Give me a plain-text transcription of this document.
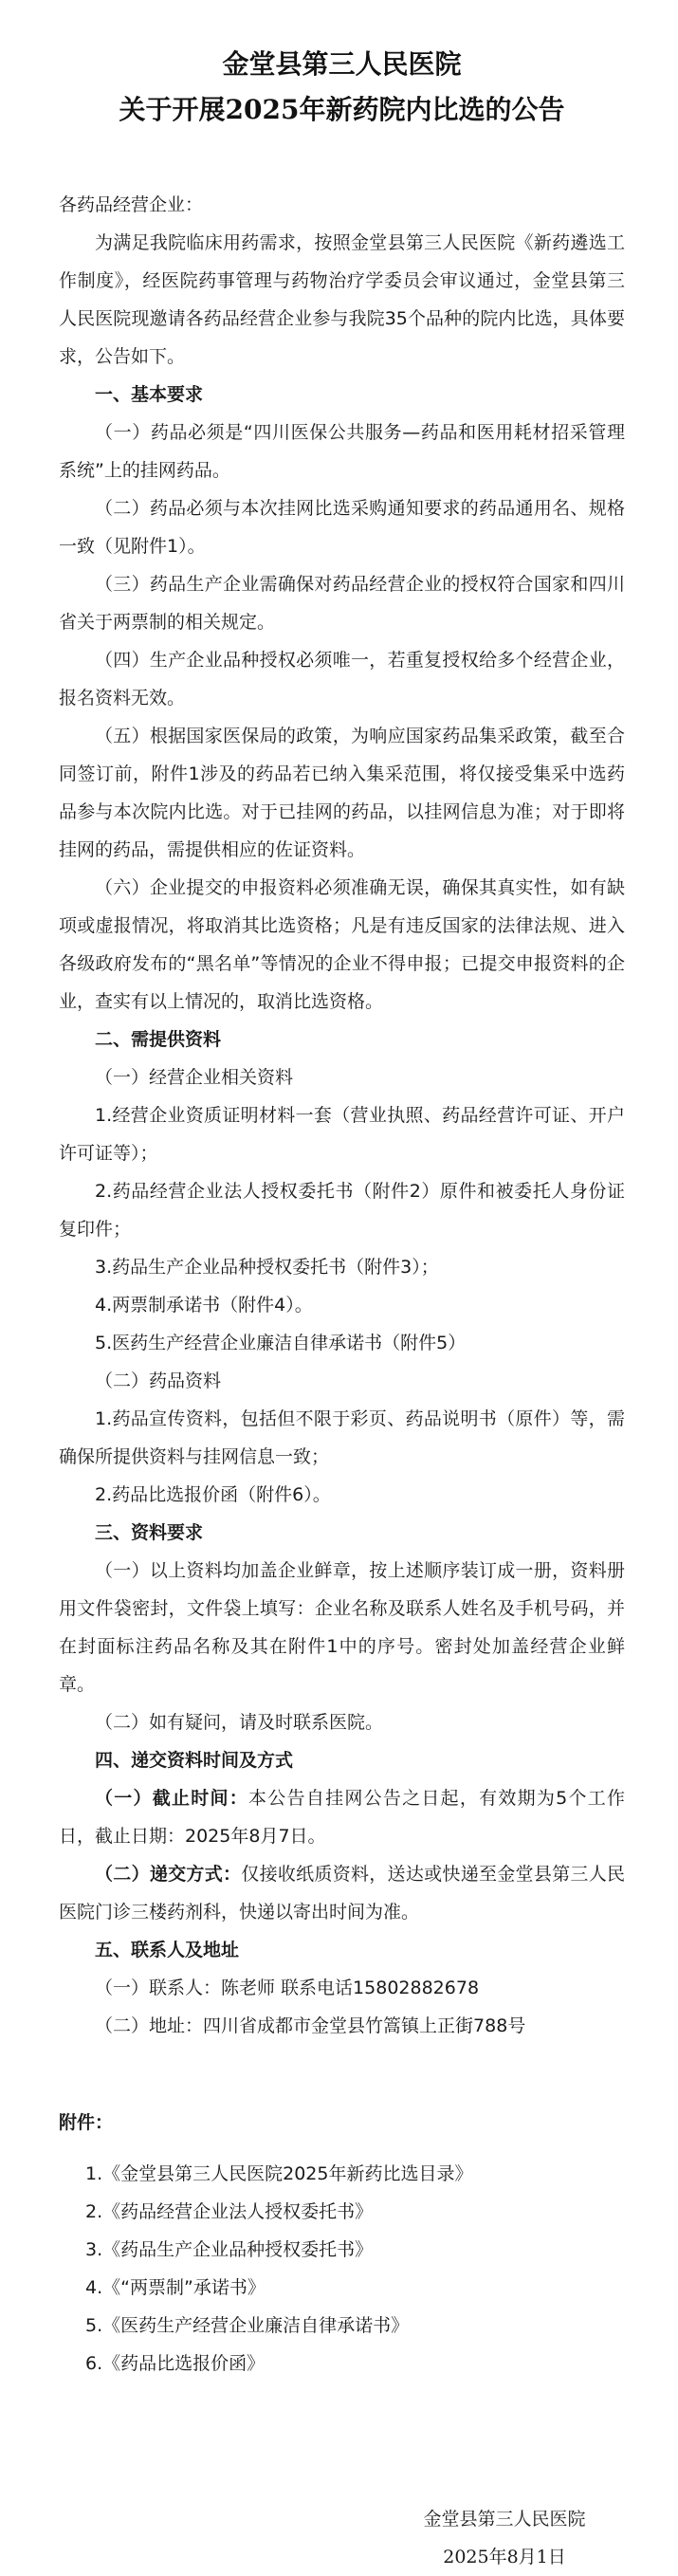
金堂县第三人民医院
关于开展2025年新药院内比选的公告

各药品经营企业：

为满足我院临床用药需求，按照金堂县第三人民医院《新药遴选工作制度》，经医院药事管理与药物治疗学委员会审议通过，金堂县第三人民医院现邀请各药品经营企业参与我院35个品种的院内比选，具体要求，公告如下。

一、基本要求

（一）药品必须是“四川医保公共服务—药品和医用耗材招采管理系统”上的挂网药品。

（二）药品必须与本次挂网比选采购通知要求的药品通用名、规格一致（见附件1）。

（三）药品生产企业需确保对药品经营企业的授权符合国家和四川省关于两票制的相关规定。

（四）生产企业品种授权必须唯一，若重复授权给多个经营企业，报名资料无效。

（五）根据国家医保局的政策，为响应国家药品集采政策，截至合同签订前，附件1涉及的药品若已纳入集采范围，将仅接受集采中选药品参与本次院内比选。对于已挂网的药品，以挂网信息为准；对于即将挂网的药品，需提供相应的佐证资料。

（六）企业提交的申报资料必须准确无误，确保其真实性，如有缺项或虚报情况，将取消其比选资格；凡是有违反国家的法律法规、进入各级政府发布的“黑名单”等情况的企业不得申报；已提交申报资料的企业，查实有以上情况的，取消比选资格。

二、需提供资料

（一）经营企业相关资料

1.经营企业资质证明材料一套（营业执照、药品经营许可证、开户许可证等）；

2.药品经营企业法人授权委托书（附件2）原件和被委托人身份证复印件；

3.药品生产企业品种授权委托书（附件3）；

4.两票制承诺书（附件4）。

5.医药生产经营企业廉洁自律承诺书（附件5）

（二）药品资料

1.药品宣传资料，包括但不限于彩页、药品说明书（原件）等，需确保所提供资料与挂网信息一致；

2.药品比选报价函（附件6）。

三、资料要求

（一）以上资料均加盖企业鲜章，按上述顺序装订成一册，资料册用文件袋密封，文件袋上填写：企业名称及联系人姓名及手机号码，并在封面标注药品名称及其在附件1中的序号。密封处加盖经营企业鲜章。

（二）如有疑问，请及时联系医院。

四、递交资料时间及方式

（一）截止时间：本公告自挂网公告之日起，有效期为5个工作日，截止日期：2025年8月7日。

（二）递交方式：仅接收纸质资料，送达或快递至金堂县第三人民医院门诊三楼药剂科，快递以寄出时间为准。

五、联系人及地址

（一）联系人：陈老师 联系电话15802882678

（二）地址：四川省成都市金堂县竹篙镇上正街788号

附件：

1.《金堂县第三人民医院2025年新药比选目录》
2.《药品经营企业法人授权委托书》
3.《药品生产企业品种授权委托书》
4.《“两票制”承诺书》
5.《医药生产经营企业廉洁自律承诺书》
6.《药品比选报价函》
金堂县第三人民医院
2025年8月1日
